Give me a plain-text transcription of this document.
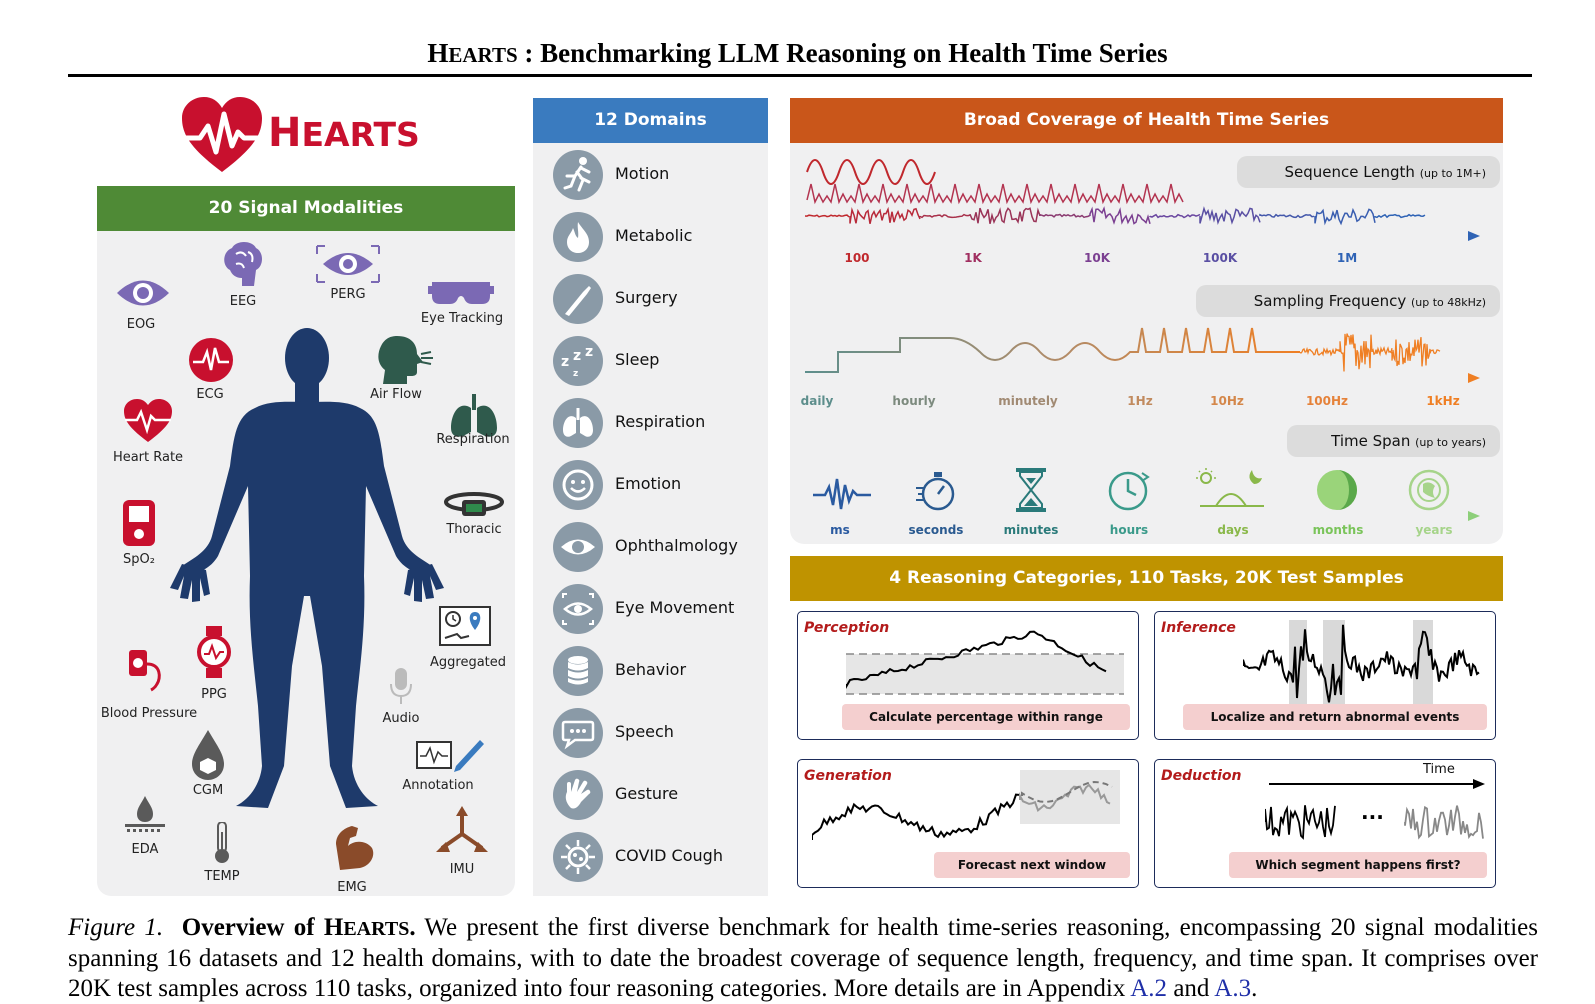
HEARTS : Benchmarking LLM Reasoning on Health Time Series
HEARTS
20 Signal Modalities
EOG
EEG	PERG
Eye Tracking
ECG	Air Flow
Heart Rate
Respiration
Thoracic
SpO₂
Aggregated
PPG
Blood Pressure	Audio
Annotation
CGM
EDA
TEMP
EMG
IMU
12 Domains
Motion
Metabolic
Surgery
z z z
z
Sleep
Respiration
Emotion
Ophthalmology
Eye Movement
Behavior
Speech
Gesture
COVID Cough
Broad Coverage of Health Time Series
Sequence Length (up to 1M+)
100	1K	10K	100K	1M
Sampling Frequency (up to 48kHz)
daily	hourly	minutely	1Hz	10Hz	100Hz	1kHz
Time Span (up to years)
ms	seconds	minutes	hours	days	months	years
4 Reasoning Categories, 110 Tasks, 20K Test Samples
Perception
Calculate percentage within range
Inference
Localize and return abnormal events
Generation
Forecast next window
Deduction	Time
···
Which segment happens first?
Figure 1. Overview of HEARTS. We present the first diverse benchmark for health time-series reasoning, encompassing 20 signal modalities spanning 16 datasets and 12 health domains, with to date the broadest coverage of sequence length, frequency, and time span. It comprises over 20K test samples across 110 tasks, organized into four reasoning categories. More details are in Appendix A.2 and A.3.
